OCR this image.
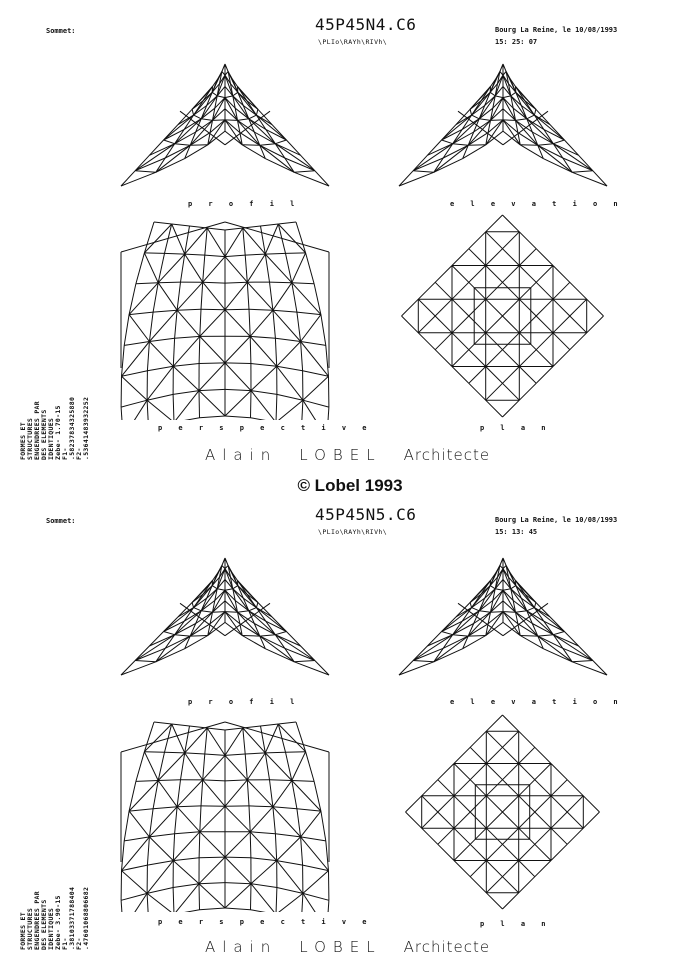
FORMES ET STRUCTURES ENGENDREES PAR DES ELEMENTS IDENTIQUES Zebe- 1.70-15 F1- .58237834325880 F2- .53641483932252
Sommet:	45P45N4.C6
\PLIo\RAYh\RIVh\
Bourg La Reine, le 10/08/1993
15: 25: 07
p r o f i l	e l e v a t i o n
p e r s p e c t i v e	p l a n
Alain LOBEL Architecte
© Lobel 1993
FORMES ET STRUCTURES ENGENDREES PAR DES ELEMENTS IDENTIQUES Zebe- 3.90-15 F1- .38103371788404 F2- .47601068806682
Sommet:	45P45N5.C6
\PLIo\RAYh\RIVh\
Bourg La Reine, le 10/08/1993
15: 13: 45
p r o f i l	e l e v a t i o n
p e r s p e c t i v e	p l a n
Alain LOBEL Architecte
